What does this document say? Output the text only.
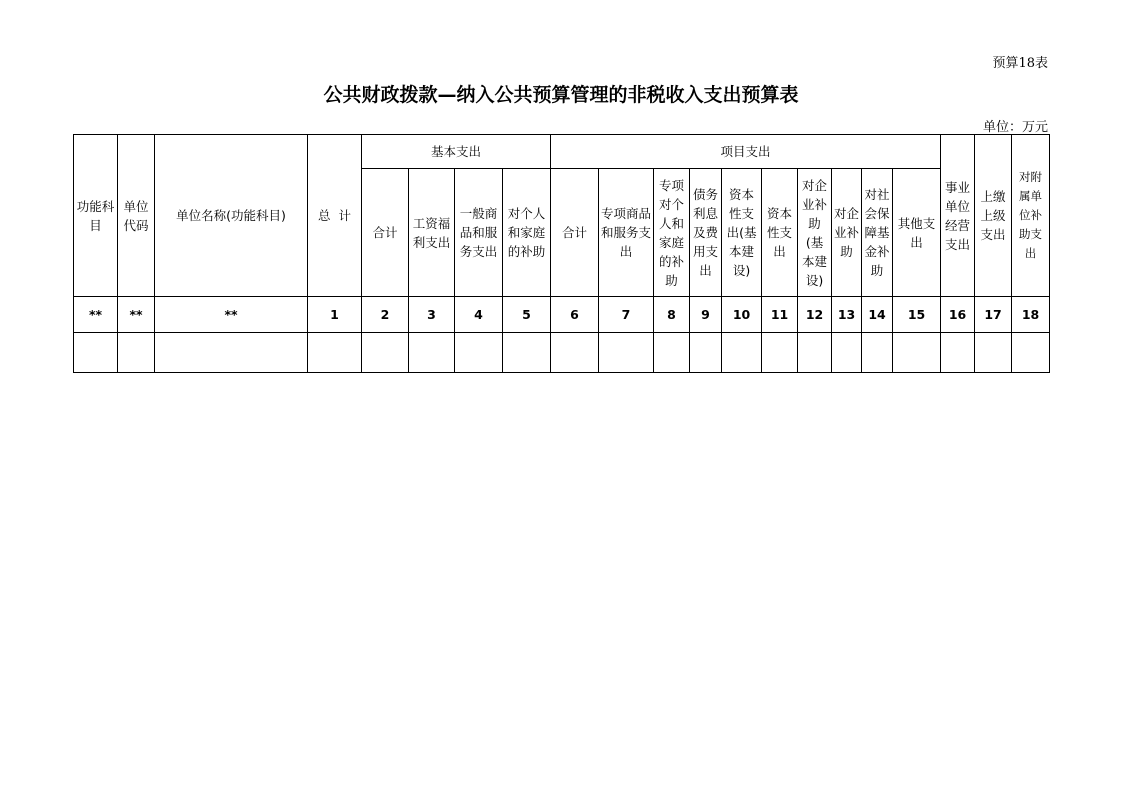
预算18表
公共财政拨款—纳入公共预算管理的非税收入支出预算表
单位：万元
功能科目	单位代码	单位名称(功能科目)	总  计	基本支出				项目支出										事业单位经营支出	上缴上级支出	对附属单位补助支出
				合计	工资福利支出	一般商品和服务支出	对个人和家庭的补助	合计	专项商品和服务支出	专项对个人和家庭的补助	债务利息及费用支出	资本性支出(基本建设)	资本性支出	对企业补助(基本建设)	对企业补助	对社会保障基金补助	其他支出			
**	**	**	1	2	3	4	5	6	7	8	9	10	11	12	13	14	15	16	17	18
